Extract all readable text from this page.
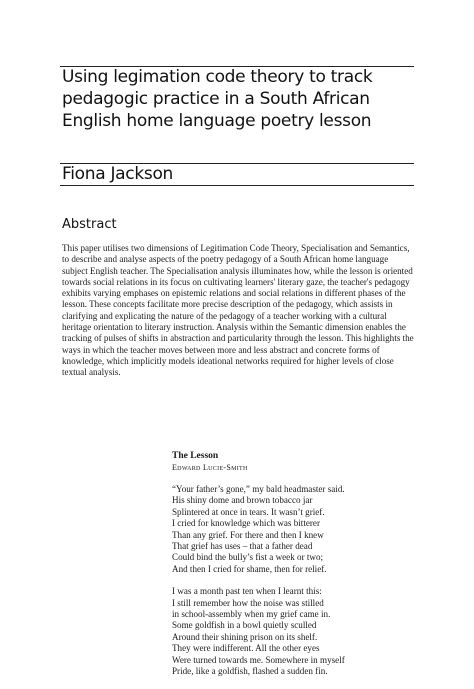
Using legimation code theory to track pedagogic practice in a South African English home language poetry lesson
Fiona Jackson
Abstract

This paper utilises two dimensions of Legitimation Code Theory, Specialisation and Semantics, to describe and analyse aspects of the poetry pedagogy of a South African home language subject English teacher. The Specialisation analysis illuminates how, while the lesson is oriented towards social relations in its focus on cultivating learners' literary gaze, the teacher's pedagogy exhibits varying emphases on epistemic relations and social relations in different phases of the lesson. These concepts facilitate more precise description of the pedagogy, which assists in clarifying and explicating the nature of the pedagogy of a teacher working with a cultural heritage orientation to literary instruction. Analysis within the Semantic dimension enables the tracking of pulses of shifts in abstraction and particularity through the lesson. This highlights the ways in which the teacher moves between more and less abstract and concrete forms of knowledge, which implicitly models ideational networks required for higher levels of close textual analysis.

The Lesson

Edward Lucie-Smith

“Your father’s gone,” my bald headmaster said.
His shiny dome and brown tobacco jar
Splintered at once in tears. It wasn’t grief.
I cried for knowledge which was bitterer
Than any grief. For there and then I knew
That grief has uses – that a father dead
Could bind the bully’s fist a week or two;
And then I cried for shame, then for relief.
I was a month past ten when I learnt this:
I still remember how the noise was stilled
in school-assembly when my grief came in.
Some goldfish in a bowl quietly sculled
Around their shining prison on its shelf.
They were indifferent. All the other eyes
Were turned towards me. Somewhere in myself
Pride, like a goldfish, flashed a sudden fin.
